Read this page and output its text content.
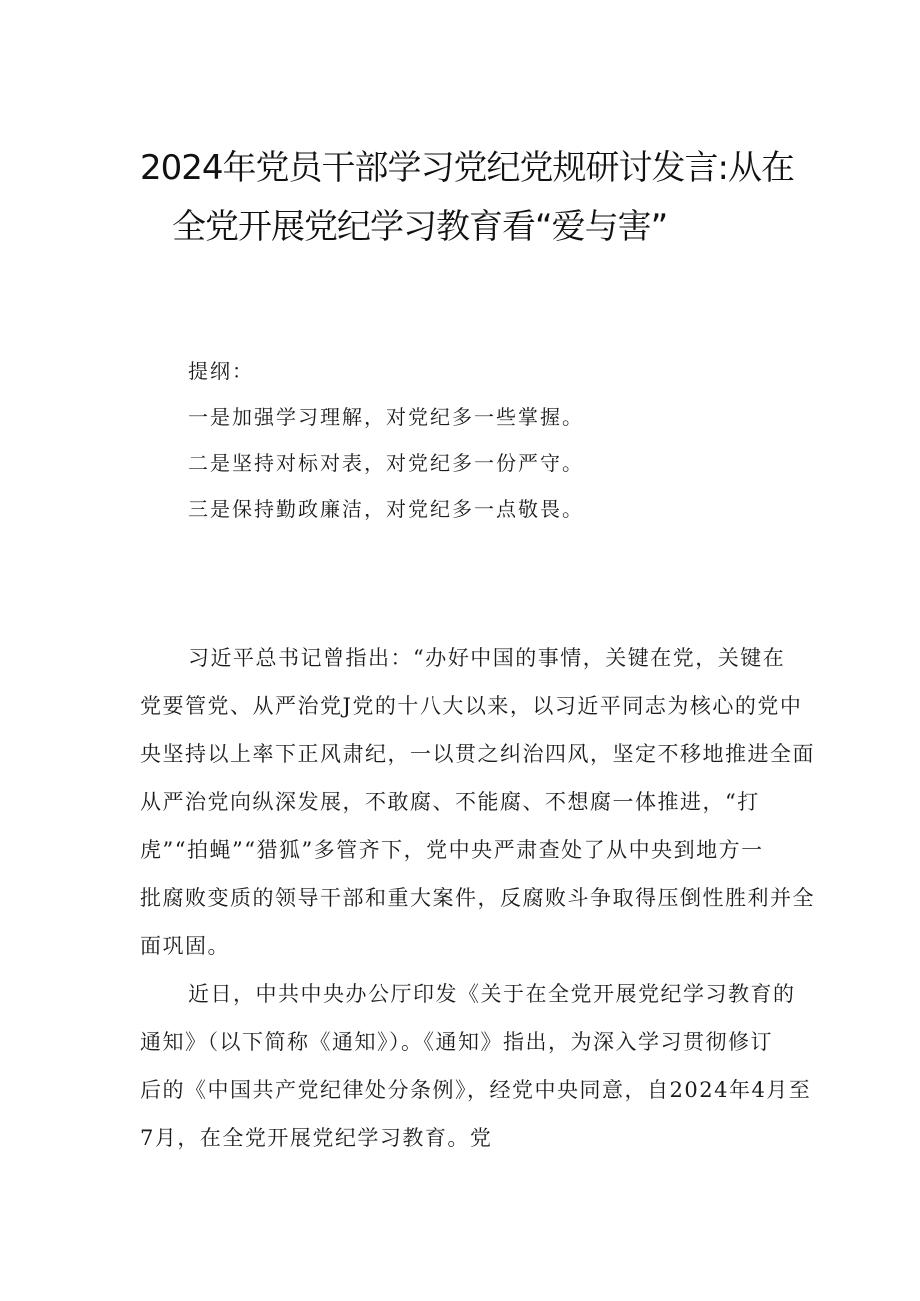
2024年党员干部学习党纪党规研讨发言:从在
全党开展党纪学习教育看“爱与害”
提纲：
一是加强学习理解，对党纪多一些掌握。
二是坚持对标对表，对党纪多一份严守。
三是保持勤政廉洁，对党纪多一点敬畏。

习近平总书记曾指出：“办好中国的事情，关键在党，关键在
党要管党、从严治党J党的十八大以来，以习近平同志为核心的党中
央坚持以上率下正风肃纪，一以贯之纠治四风，坚定不移地推进全面
从严治党向纵深发展，不敢腐、不能腐、不想腐一体推进，“打
虎”“拍蝇”“猎狐”多管齐下，党中央严肃查处了从中央到地方一
批腐败变质的领导干部和重大案件，反腐败斗争取得压倒性胜利并全
面巩固。

近日，中共中央办公厅印发《关于在全党开展党纪学习教育的
通知》（以下简称《通知》）。《通知》指出，为深入学习贯彻修订
后的《中国共产党纪律处分条例》，经党中央同意，自2024年4月至
7月，在全党开展党纪学习教育。党
